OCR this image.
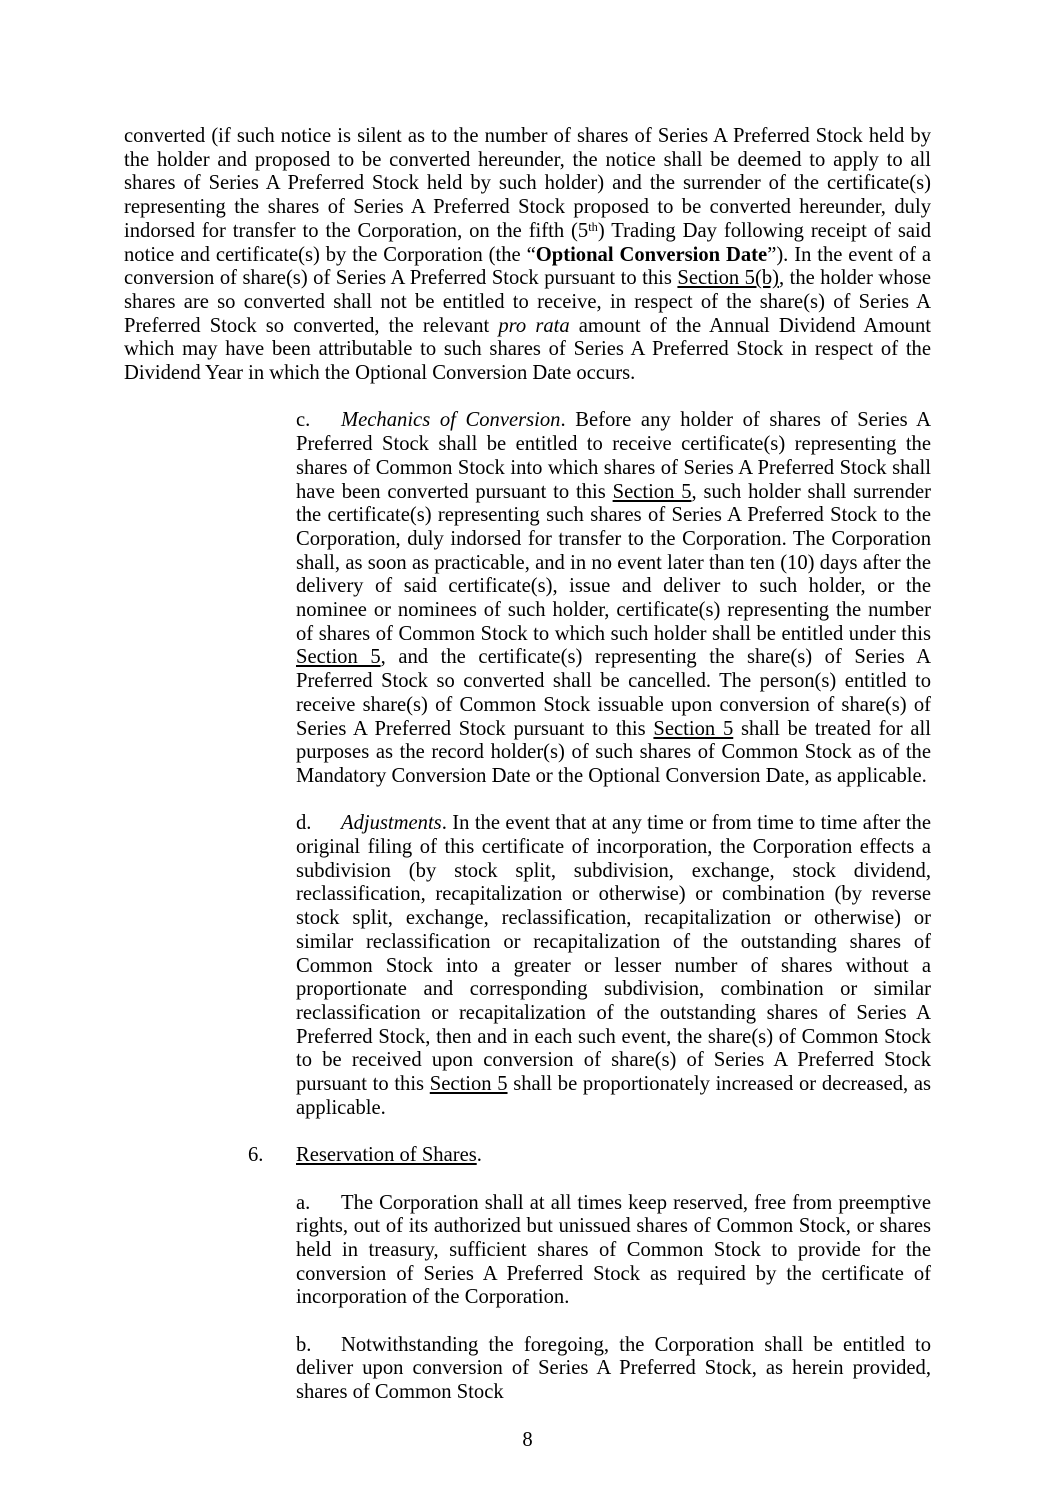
converted (if such notice is silent as to the number of shares of Series A Preferred Stock held by the holder and proposed to be converted hereunder, the notice shall be deemed to apply to all shares of Series A Preferred Stock held by such holder) and the surrender of the certificate(s) representing the shares of Series A Preferred Stock proposed to be converted hereunder, duly indorsed for transfer to the Corporation, on the fifth (5th) Trading Day following receipt of said notice and certificate(s) by the Corporation (the “Optional Conversion Date”). In the event of a conversion of share(s) of Series A Preferred Stock pursuant to this Section 5(b), the holder whose shares are so converted shall not be entitled to receive, in respect of the share(s) of Series A Preferred Stock so converted, the relevant pro rata amount of the Annual Dividend Amount which may have been attributable to such shares of Series A Preferred Stock in respect of the Dividend Year in which the Optional Conversion Date occurs.

c. Mechanics of Conversion. Before any holder of shares of Series A Preferred Stock shall be entitled to receive certificate(s) representing the shares of Common Stock into which shares of Series A Preferred Stock shall have been converted pursuant to this Section 5, such holder shall surrender the certificate(s) representing such shares of Series A Preferred Stock to the Corporation, duly indorsed for transfer to the Corporation. The Corporation shall, as soon as practicable, and in no event later than ten (10) days after the delivery of said certificate(s), issue and deliver to such holder, or the nominee or nominees of such holder, certificate(s) representing the number of shares of Common Stock to which such holder shall be entitled under this Section 5, and the certificate(s) representing the share(s) of Series A Preferred Stock so converted shall be cancelled. The person(s) entitled to receive share(s) of Common Stock issuable upon conversion of share(s) of Series A Preferred Stock pursuant to this Section 5 shall be treated for all purposes as the record holder(s) of such shares of Common Stock as of the Mandatory Conversion Date or the Optional Conversion Date, as applicable.

d. Adjustments. In the event that at any time or from time to time after the original filing of this certificate of incorporation, the Corporation effects a subdivision (by stock split, subdivision, exchange, stock dividend, reclassification, recapitalization or otherwise) or combination (by reverse stock split, exchange, reclassification, recapitalization or otherwise) or similar reclassification or recapitalization of the outstanding shares of Common Stock into a greater or lesser number of shares without a proportionate and corresponding subdivision, combination or similar reclassification or recapitalization of the outstanding shares of Series A Preferred Stock, then and in each such event, the share(s) of Common Stock to be received upon conversion of share(s) of Series A Preferred Stock pursuant to this Section 5 shall be proportionately increased or decreased, as applicable.

6. Reservation of Shares.

a. The Corporation shall at all times keep reserved, free from preemptive rights, out of its authorized but unissued shares of Common Stock, or shares held in treasury, sufficient shares of Common Stock to provide for the conversion of Series A Preferred Stock as required by the certificate of incorporation of the Corporation.

b. Notwithstanding the foregoing, the Corporation shall be entitled to deliver upon conversion of Series A Preferred Stock, as herein provided, shares of Common Stock

8
